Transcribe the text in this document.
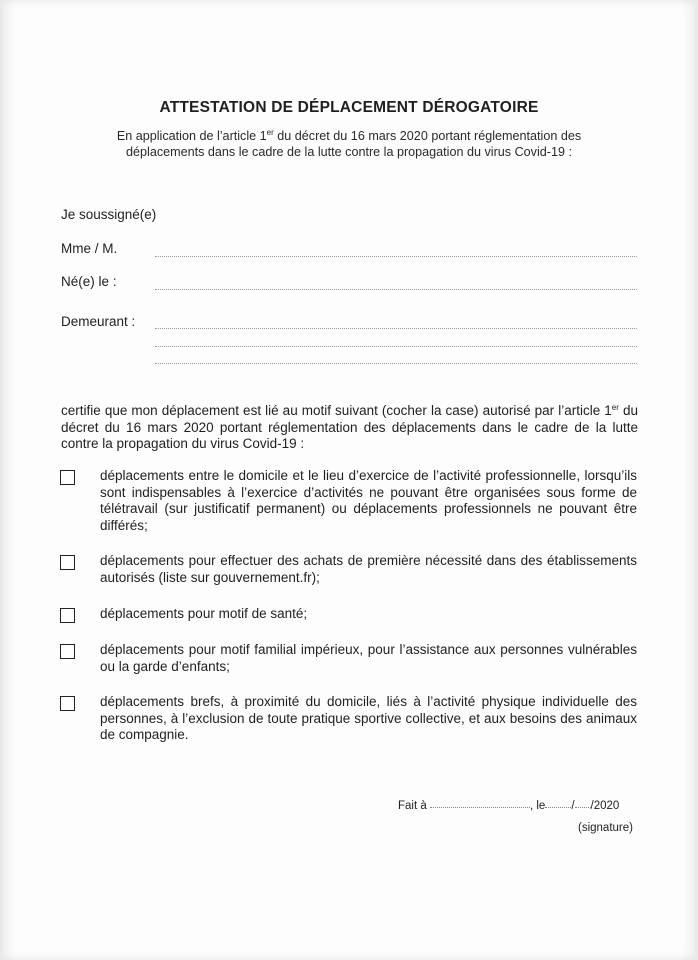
ATTESTATION DE DÉPLACEMENT DÉROGATOIRE
En application de l’article 1er du décret du 16 mars 2020 portant réglementation des
déplacements dans le cadre de la lutte contre la propagation du virus Covid-19 :
Je soussigné(e)
Mme / M.
Né(e) le :
Demeurant :
certifie que mon déplacement est lié au motif suivant (cocher la case) autorisé par l’article 1er du décret du 16 mars 2020 portant réglementation des déplacements dans le cadre de la lutte contre la propagation du virus Covid-19 :
déplacements entre le domicile et le lieu d’exercice de l’activité professionnelle, lorsqu’ils sont indispensables à l’exercice d’activités ne pouvant être organisées sous forme de télétravail (sur justificatif permanent) ou déplacements professionnels ne pouvant être différés;
déplacements pour effectuer des achats de première nécessité dans des établissements autorisés (liste sur gouvernement.fr);
déplacements pour motif de santé;
déplacements pour motif familial impérieux, pour l’assistance aux personnes vulnérables ou la garde d’enfants;
déplacements brefs, à proximité du domicile, liés à l’activité physique individuelle des personnes, à l’exclusion de toute pratique sportive collective, et aux besoins des animaux de compagnie.
Fait à	, le / /2020
(signature)
